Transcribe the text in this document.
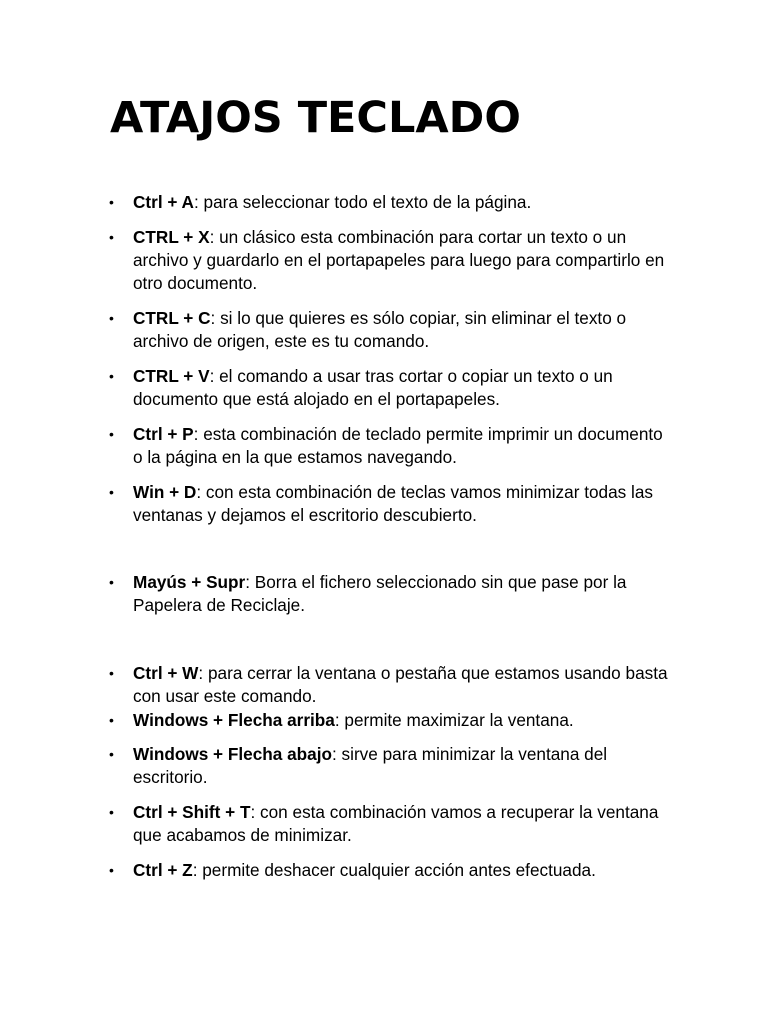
ATAJOS TECLADO
• Ctrl + A: para seleccionar todo el texto de la página.
• CTRL + X: un clásico esta combinación para cortar un texto o un archivo y guardarlo en el portapapeles para luego para compartirlo en otro documento.
• CTRL + C: si lo que quieres es sólo copiar, sin eliminar el texto o archivo de origen, este es tu comando.
• CTRL + V: el comando a usar tras cortar o copiar un texto o un documento que está alojado en el portapapeles.
• Ctrl + P: esta combinación de teclado permite imprimir un documento o la página en la que estamos navegando.
• Win + D: con esta combinación de teclas vamos minimizar todas las ventanas y dejamos el escritorio descubierto.
• Mayús + Supr: Borra el fichero seleccionado sin que pase por la Papelera de Reciclaje.
• Ctrl + W: para cerrar la ventana o pestaña que estamos usando basta con usar este comando.
• Windows + Flecha arriba: permite maximizar la ventana.
• Windows + Flecha abajo: sirve para minimizar la ventana del escritorio.
• Ctrl + Shift + T: con esta combinación vamos a recuperar la ventana que acabamos de minimizar.
• Ctrl + Z: permite deshacer cualquier acción antes efectuada.
